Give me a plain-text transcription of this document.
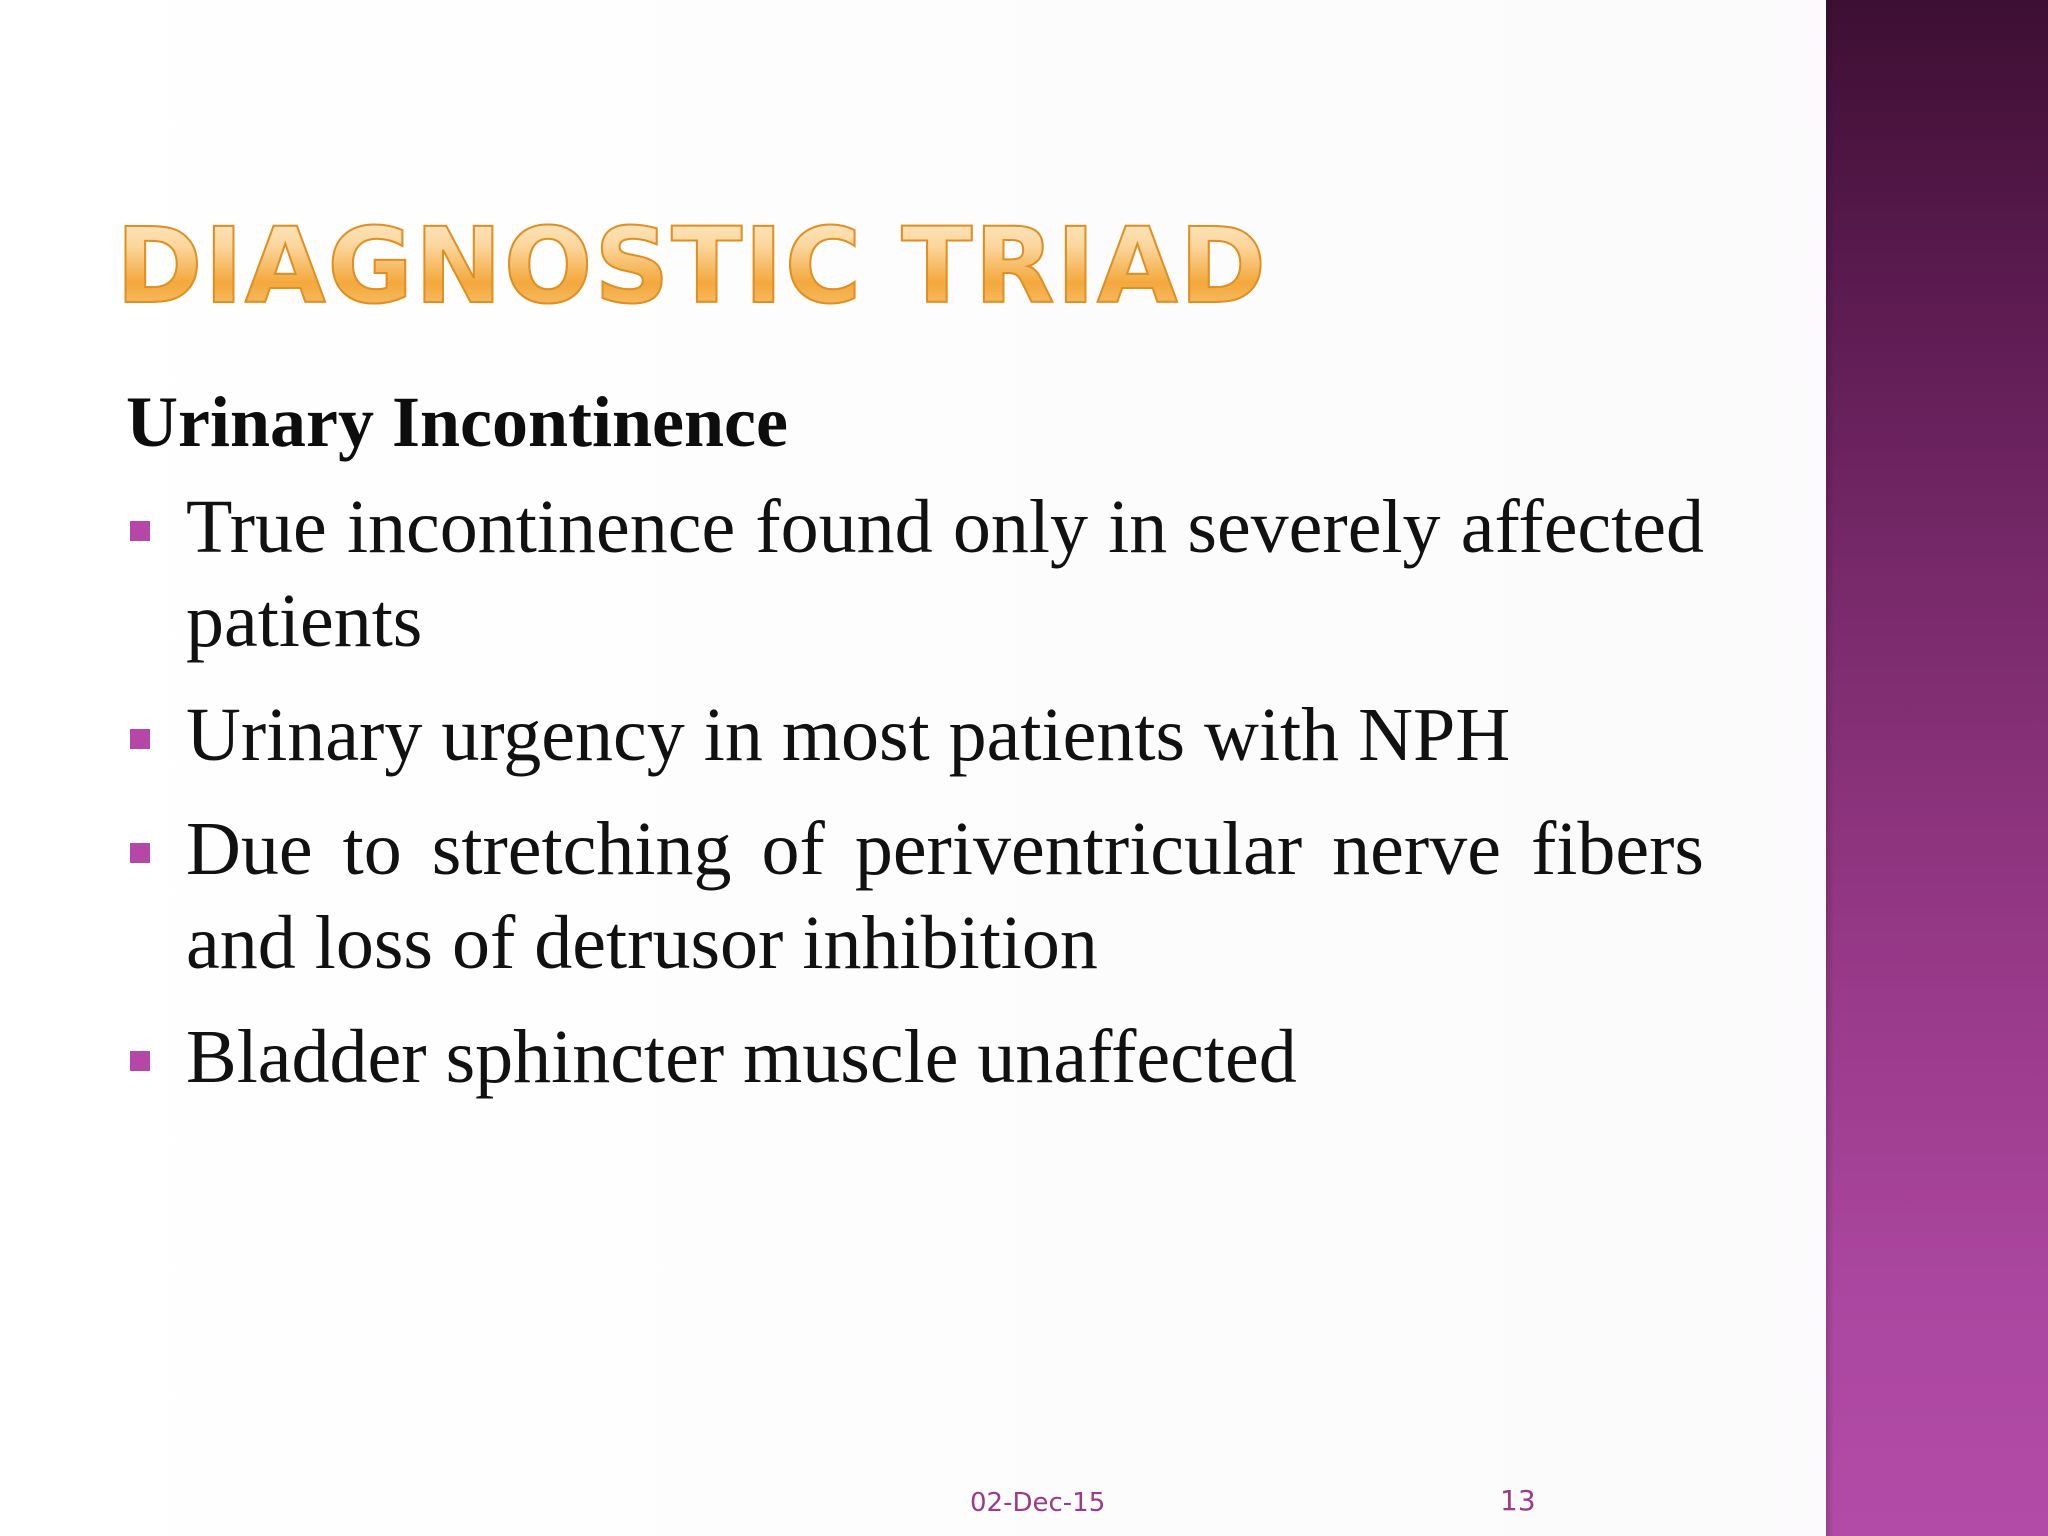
DIAGNOSTIC TRIAD
Urinary Incontinence
True incontinence found only in severely affected patients
Urinary urgency in most patients with NPH
Due to stretching of periventricular nerve fibers and loss of detrusor inhibition
Bladder sphincter muscle unaffected
02-Dec-15	13
